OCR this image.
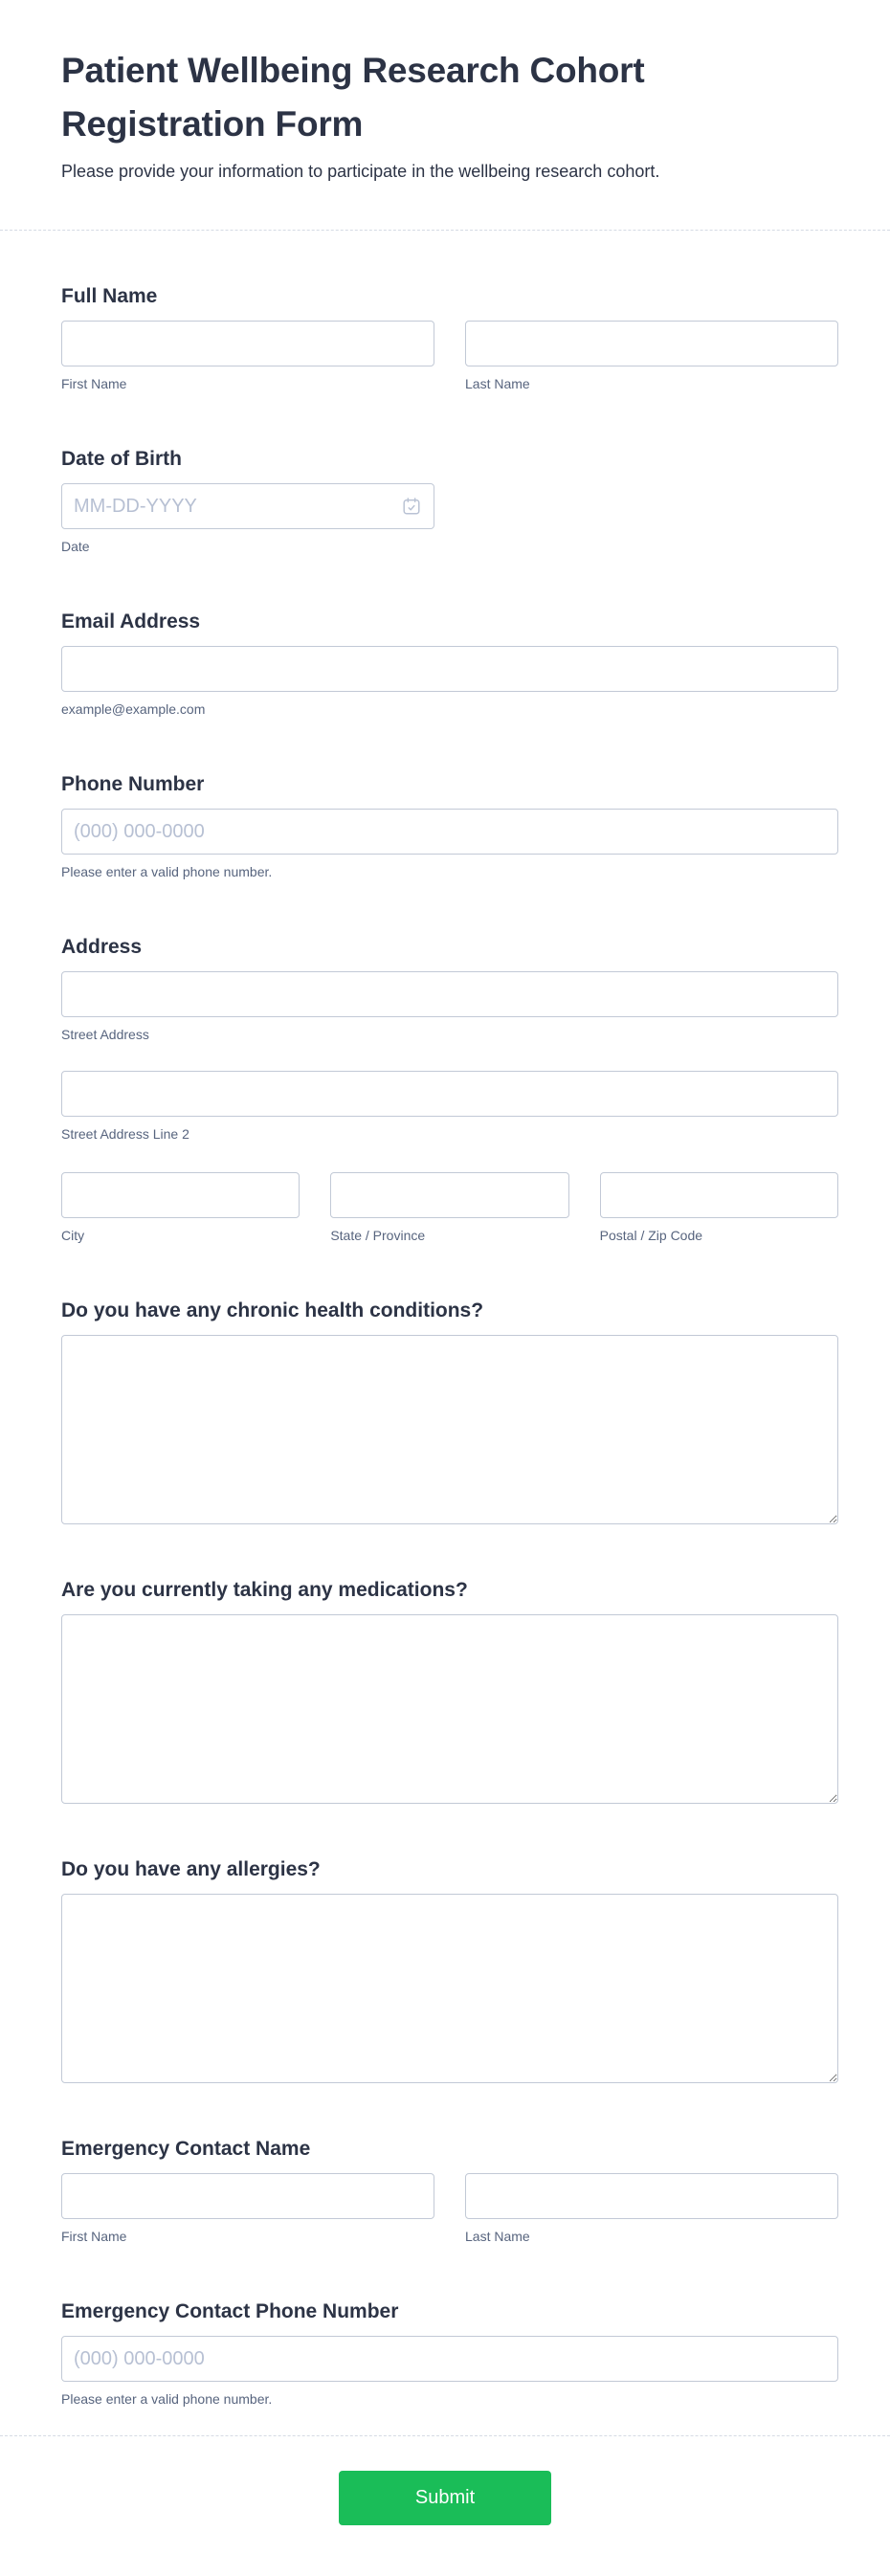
Patient Wellbeing Research Cohort Registration Form

Please provide your information to participate in the wellbeing research cohort.

Full Name
First Name	Last Name
Date of Birth
MM-DD-YYYY
Date
Email Address
example@example.com
Phone Number
(000) 000-0000
Please enter a valid phone number.
Address
Street Address
Street Address Line 2
City	State / Province	Postal / Zip Code
Do you have any chronic health conditions?
Are you currently taking any medications?
Do you have any allergies?
Emergency Contact Name
First Name	Last Name
Emergency Contact Phone Number
(000) 000-0000
Please enter a valid phone number.
Submit
